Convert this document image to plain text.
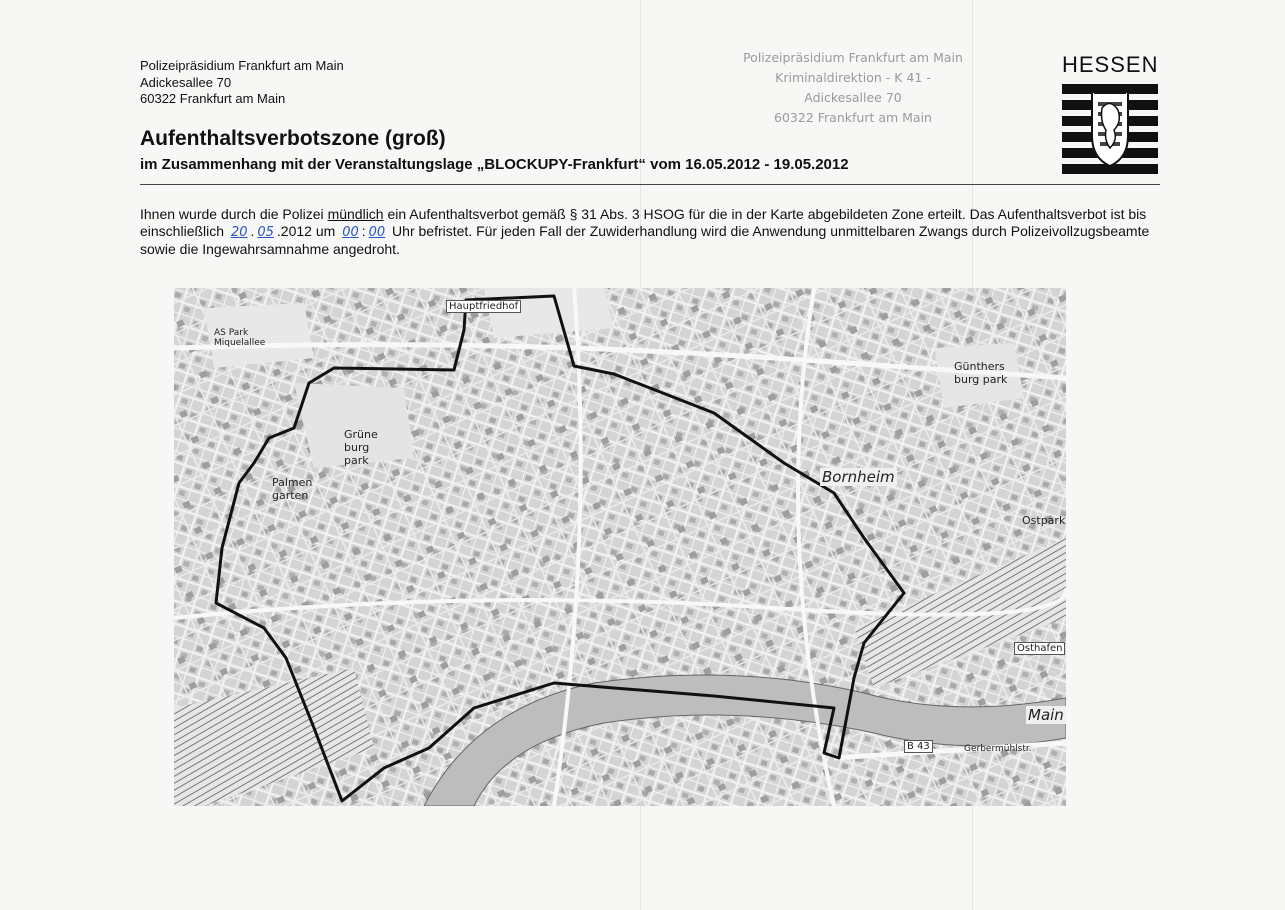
Polizeipräsidium Frankfurt am Main
Adickesallee 70
60322 Frankfurt am Main
Polizeipräsidium Frankfurt am Main
Kriminaldirektion - K 41 -
Adickesallee 70
60322 Frankfurt am Main
HESSEN
Aufenthaltsverbotszone (groß)
im Zusammenhang mit der Veranstaltungslage „BLOCKUPY-Frankfurt“ vom 16.05.2012 - 19.05.2012
Ihnen wurde durch die Polizei mündlich ein Aufenthaltsverbot gemäß § 31 Abs. 3 HSOG für die in der Karte abgebildeten Zone erteilt. Das Aufenthaltsverbot ist bis einschließlich 20 . 05 .2012 um 00 : 00 Uhr befristet. Für jeden Fall der Zuwiderhandlung wird die Anwendung unmittelbaren Zwangs durch Polizeivollzugsbeamte sowie die Ingewahrsamnahme angedroht.
Hauptfriedhof
Bornheim
Main
B 43
Palmen garten
Grüne burg park
Günthers burg park
Ostpark
Osthafen
AS Park Miquelallee
Gerbermühlstr.
